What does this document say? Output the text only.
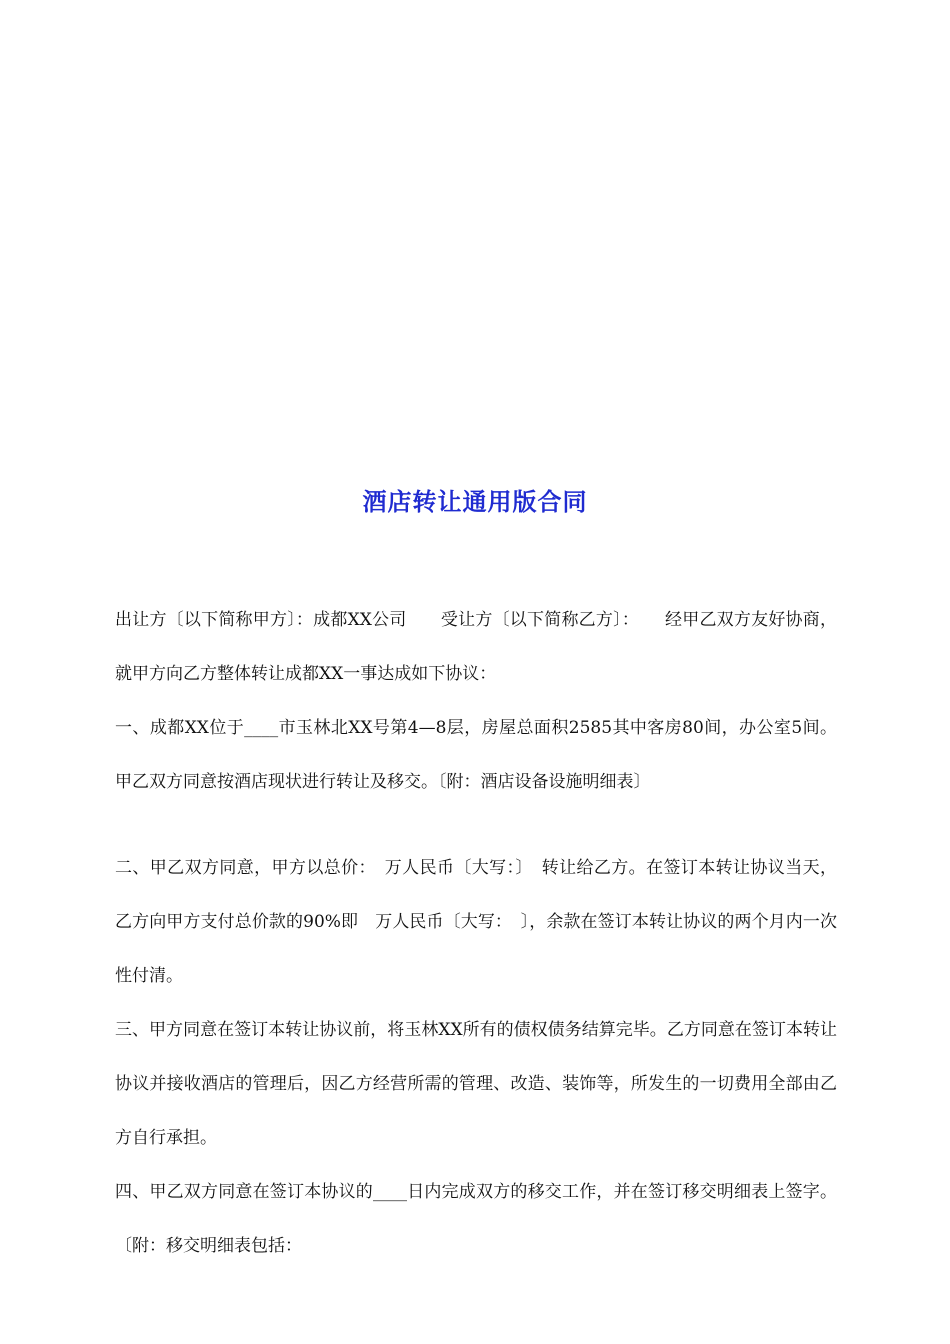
酒店转让通用版合同

出让方〔以下简称甲方〕：成都XX公司　　受让方〔以下简称乙方〕：　　经甲乙双方友好协商，就甲方向乙方整体转让成都XX一事达成如下协议：

一、成都XX位于____市玉林北XX号第4—8层，房屋总面积2585其中客房80间，办公室5间。甲乙双方同意按酒店现状进行转让及移交。〔附：酒店设备设施明细表〕

二、甲乙双方同意，甲方以总价：　万人民币〔大写：〕　转让给乙方。在签订本转让协议当天，乙方向甲方支付总价款的90%即　万人民币〔大写：　〕，余款在签订本转让协议的两个月内一次性付清。

三、甲方同意在签订本转让协议前，将玉林XX所有的债权债务结算完毕。乙方同意在签订本转让协议并接收酒店的管理后，因乙方经营所需的管理、改造、装饰等，所发生的一切费用全部由乙方自行承担。

四、甲乙双方同意在签订本协议的____日内完成双方的移交工作，并在签订移交明细表上签字。〔附：移交明细表包括：
